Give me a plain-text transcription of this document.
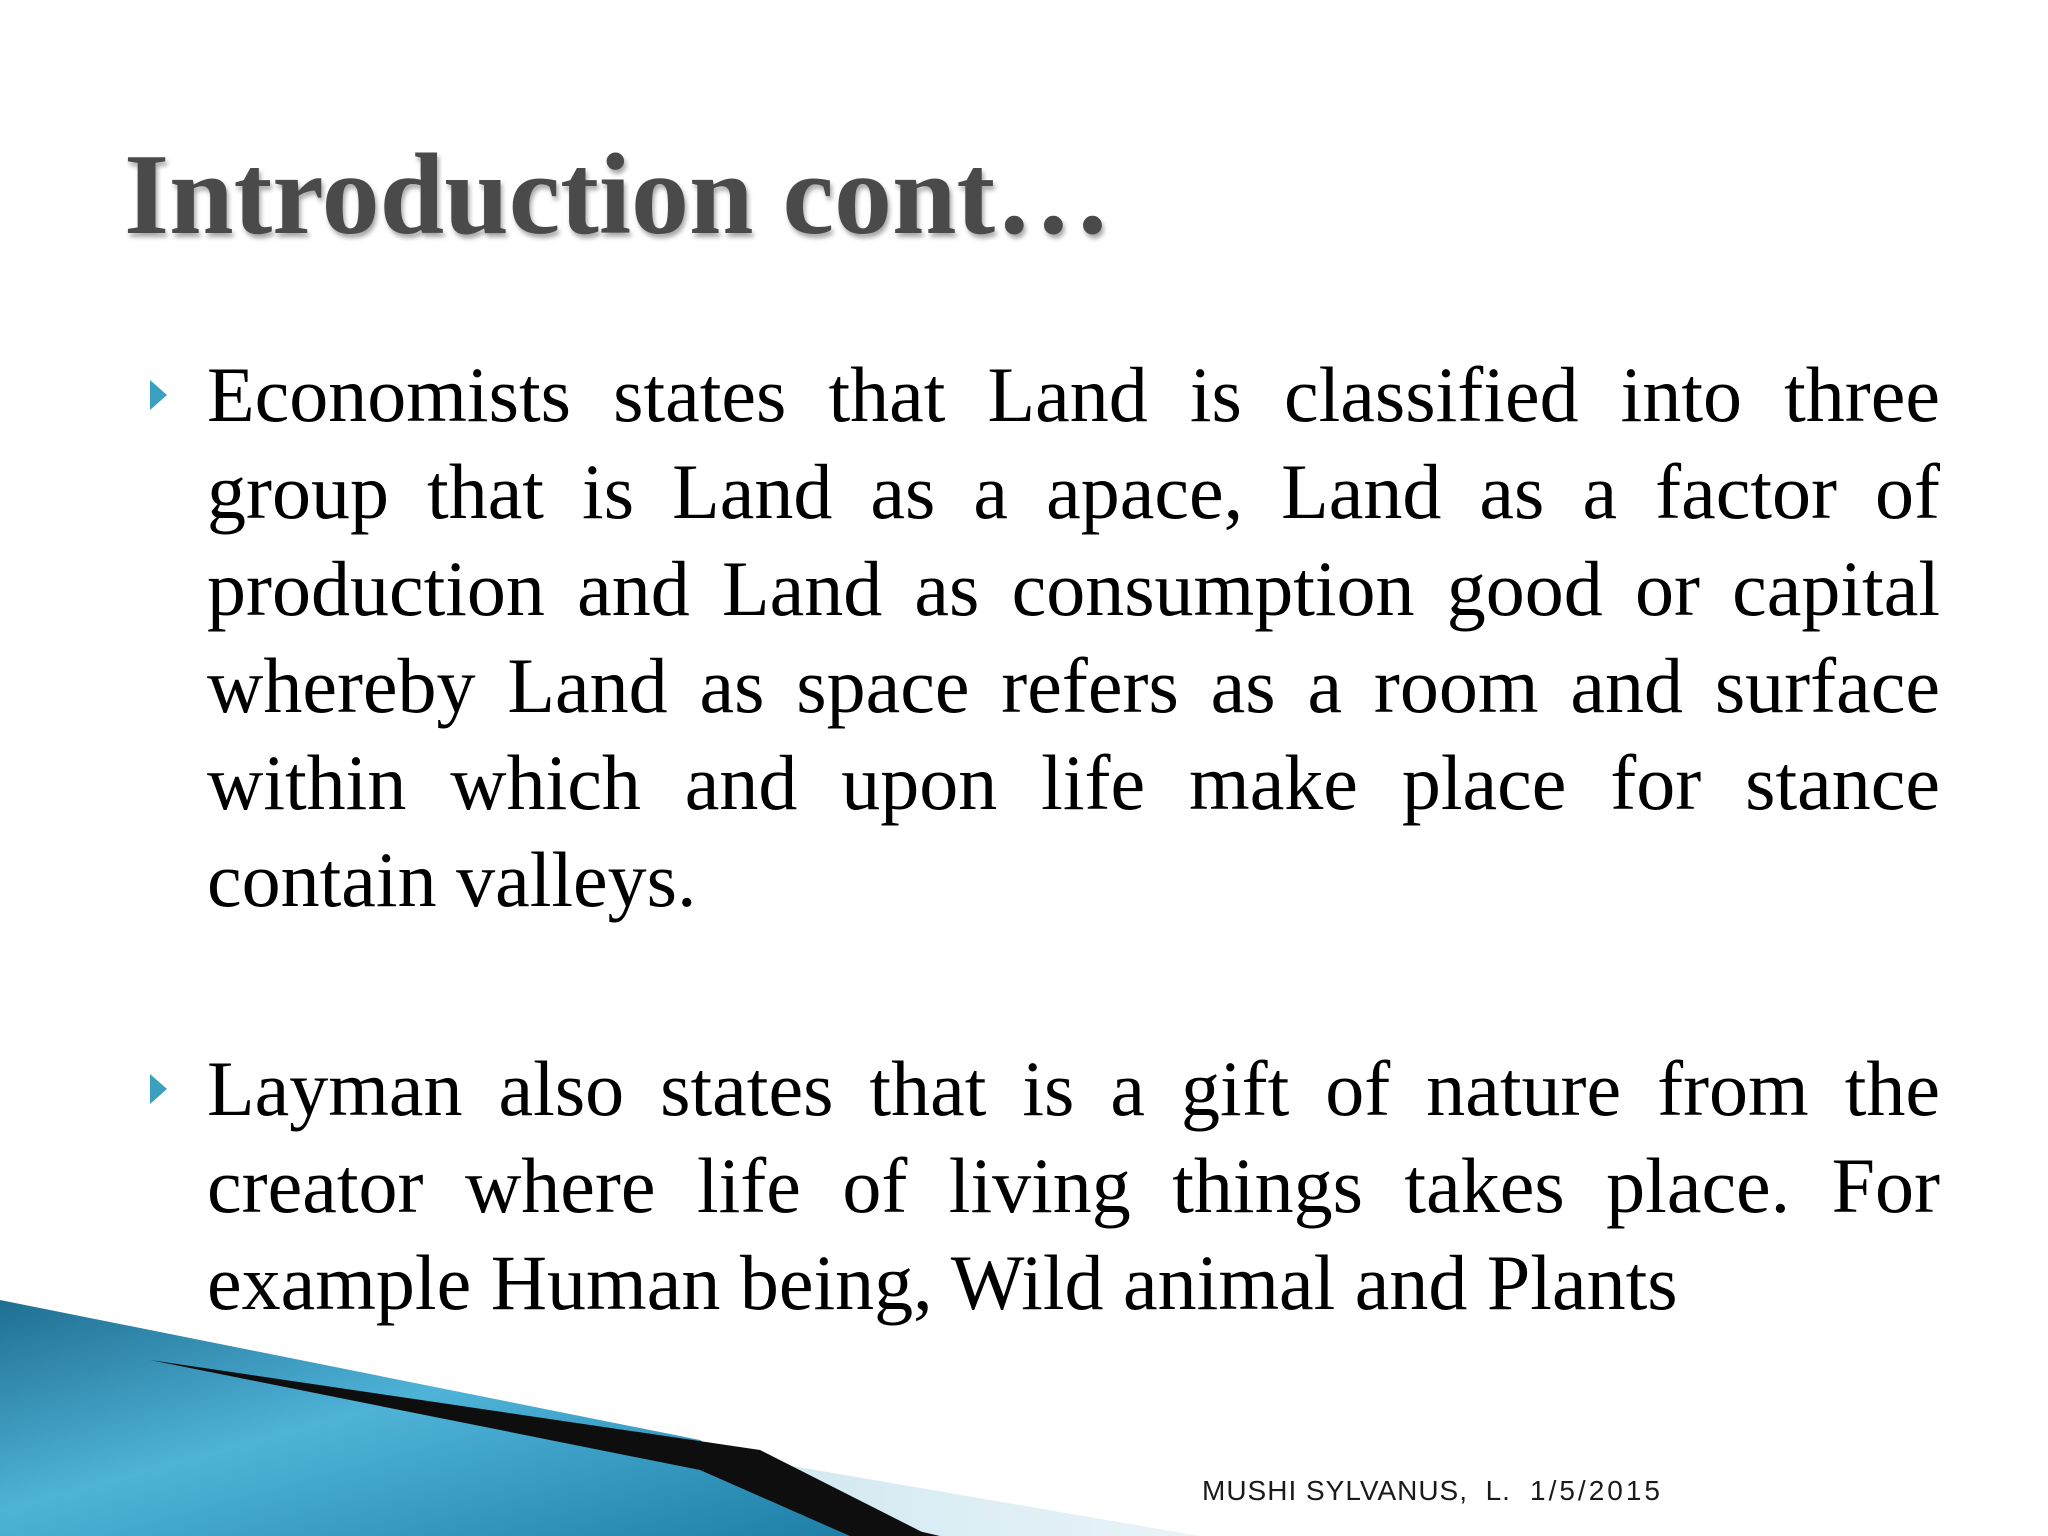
Introduction cont…

Economists states that Land is classified into three group that is Land as a apace, Land as a factor of production and Land as consumption good or capital whereby Land as space refers as a room and surface within which and upon life make place for stance contain valleys.

Layman also states that is a gift of nature from the creator where life of living things takes place. For example Human being, Wild animal and Plants

MUSHI SYLVANUS,  L. 1/5/2015
